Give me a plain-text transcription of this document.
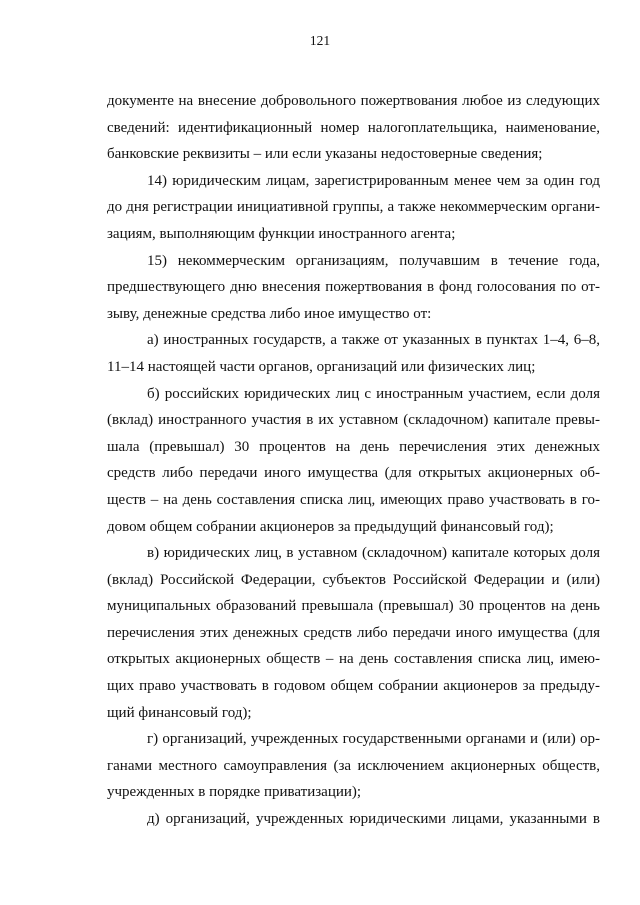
121
документе на внесение добровольного пожертвования любое из следующих
сведений: идентификационный номер налогоплательщика, наименование,
банковские реквизиты – или если указаны недостоверные сведения;
14) юридическим лицам, зарегистрированным менее чем за один год
до дня регистрации инициативной группы, а также некоммерческим органи-
зациям, выполняющим функции иностранного агента;
15) некоммерческим организациям, получавшим в течение года,
предшествующего дню внесения пожертвования в фонд голосования по от-
зыву, денежные средства либо иное имущество от:
а) иностранных государств, а также от указанных в пунктах 1–4, 6–8,
11–14 настоящей части органов, организаций или физических лиц;
б) российских юридических лиц с иностранным участием, если доля
(вклад) иностранного участия в их уставном (складочном) капитале превы-
шала (превышал) 30 процентов на день перечисления этих денежных
средств либо передачи иного имущества (для открытых акционерных об-
ществ – на день составления списка лиц, имеющих право участвовать в го-
довом общем собрании акционеров за предыдущий финансовый год);
в) юридических лиц, в уставном (складочном) капитале которых доля
(вклад) Российской Федерации, субъектов Российской Федерации и (или)
муниципальных образований превышала (превышал) 30 процентов на день
перечисления этих денежных средств либо передачи иного имущества (для
открытых акционерных обществ – на день составления списка лиц, имею-
щих право участвовать в годовом общем собрании акционеров за предыду-
щий финансовый год);
г) организаций, учрежденных государственными органами и (или) ор-
ганами местного самоуправления (за исключением акционерных обществ,
учрежденных в порядке приватизации);
д) организаций, учрежденных юридическими лицами, указанными в
